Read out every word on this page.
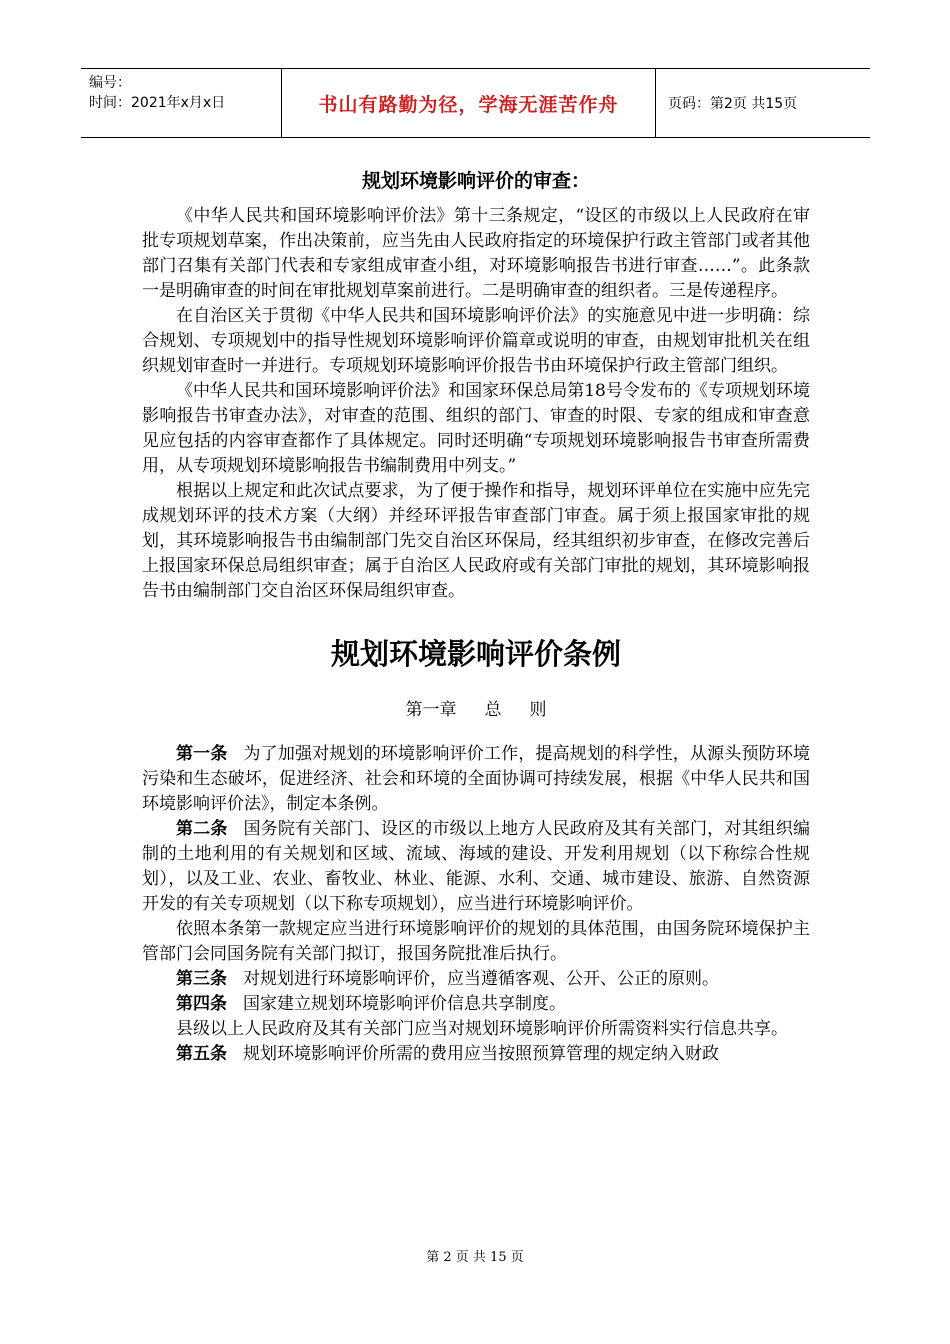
编号：
时间：2021年x月x日	书山有路勤为径，学海无涯苦作舟	页码：第2页 共15页
规划环境影响评价的审查：

《中华人民共和国环境影响评价法》第十三条规定，“设区的市级以上人民政府在审批专项规划草案，作出决策前，应当先由人民政府指定的环境保护行政主管部门或者其他部门召集有关部门代表和专家组成审查小组，对环境影响报告书进行审查……”。此条款一是明确审查的时间在审批规划草案前进行。二是明确审查的组织者。三是传递程序。

在自治区关于贯彻《中华人民共和国环境影响评价法》的实施意见中进一步明确：综合规划、专项规划中的指导性规划环境影响评价篇章或说明的审查，由规划审批机关在组织规划审查时一并进行。专项规划环境影响评价报告书由环境保护行政主管部门组织。

《中华人民共和国环境影响评价法》和国家环保总局第18号令发布的《专项规划环境影响报告书审查办法》，对审查的范围、组织的部门、审查的时限、专家的组成和审查意见应包括的内容审查都作了具体规定。同时还明确“专项规划环境影响报告书审查所需费用，从专项规划环境影响报告书编制费用中列支。”

根据以上规定和此次试点要求，为了便于操作和指导，规划环评单位在实施中应先完成规划环评的技术方案（大纲）并经环评报告审查部门审查。属于须上报国家审批的规划，其环境影响报告书由编制部门先交自治区环保局，经其组织初步审查，在修改完善后上报国家环保总局组织审查；属于自治区人民政府或有关部门审批的规划，其环境影响报告书由编制部门交自治区环保局组织审查。

规划环境影响评价条例
第一章 总 则

第一条 为了加强对规划的环境影响评价工作，提高规划的科学性，从源头预防环境污染和生态破坏，促进经济、社会和环境的全面协调可持续发展，根据《中华人民共和国环境影响评价法》，制定本条例。

第二条 国务院有关部门、设区的市级以上地方人民政府及其有关部门，对其组织编制的土地利用的有关规划和区域、流域、海域的建设、开发利用规划（以下称综合性规划），以及工业、农业、畜牧业、林业、能源、水利、交通、城市建设、旅游、自然资源开发的有关专项规划（以下称专项规划），应当进行环境影响评价。

依照本条第一款规定应当进行环境影响评价的规划的具体范围，由国务院环境保护主管部门会同国务院有关部门拟订，报国务院批准后执行。

第三条 对规划进行环境影响评价，应当遵循客观、公开、公正的原则。

第四条 国家建立规划环境影响评价信息共享制度。

县级以上人民政府及其有关部门应当对规划环境影响评价所需资料实行信息共享。

第五条 规划环境影响评价所需的费用应当按照预算管理的规定纳入财政

第 2 页 共 15 页
